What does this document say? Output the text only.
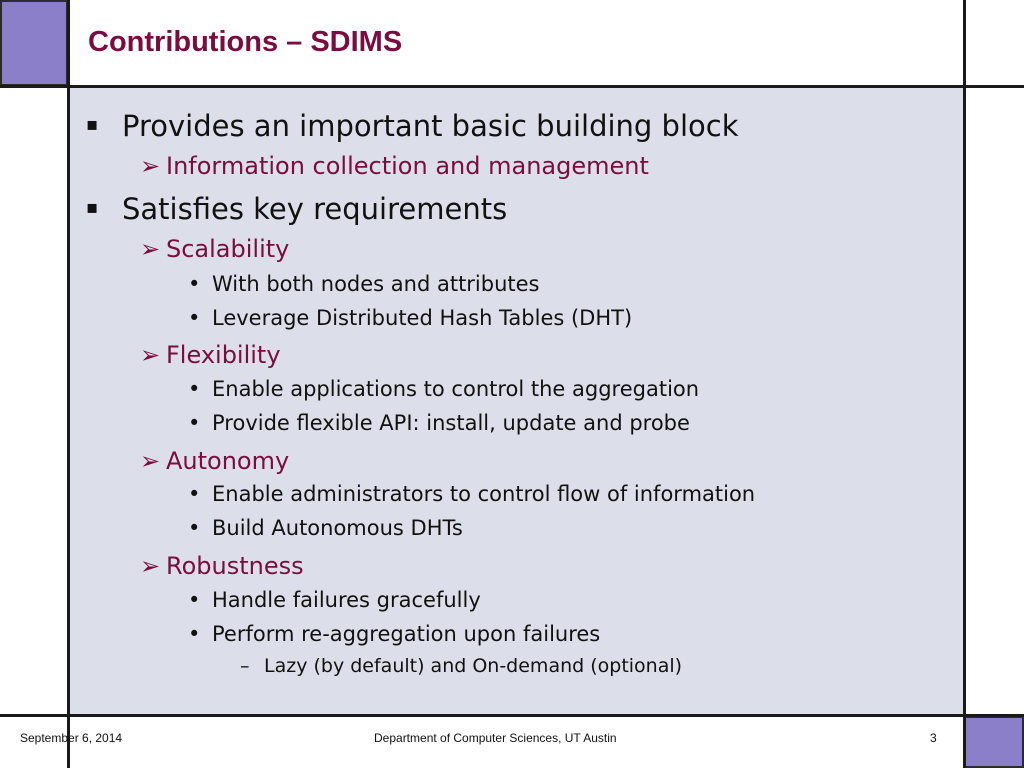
Contributions – SDIMS
▪ Provides an important basic building block
➢ Information collection and management
▪ Satisfies key requirements
➢ Scalability
• With both nodes and attributes
• Leverage Distributed Hash Tables (DHT)
➢ Flexibility
• Enable applications to control the aggregation
• Provide flexible API: install, update and probe
➢ Autonomy
• Enable administrators to control flow of information
• Build Autonomous DHTs
➢ Robustness
• Handle failures gracefully
• Perform re-aggregation upon failures
– Lazy (by default) and On-demand (optional)
September 6, 2014	Department of Computer Sciences, UT Austin	3
